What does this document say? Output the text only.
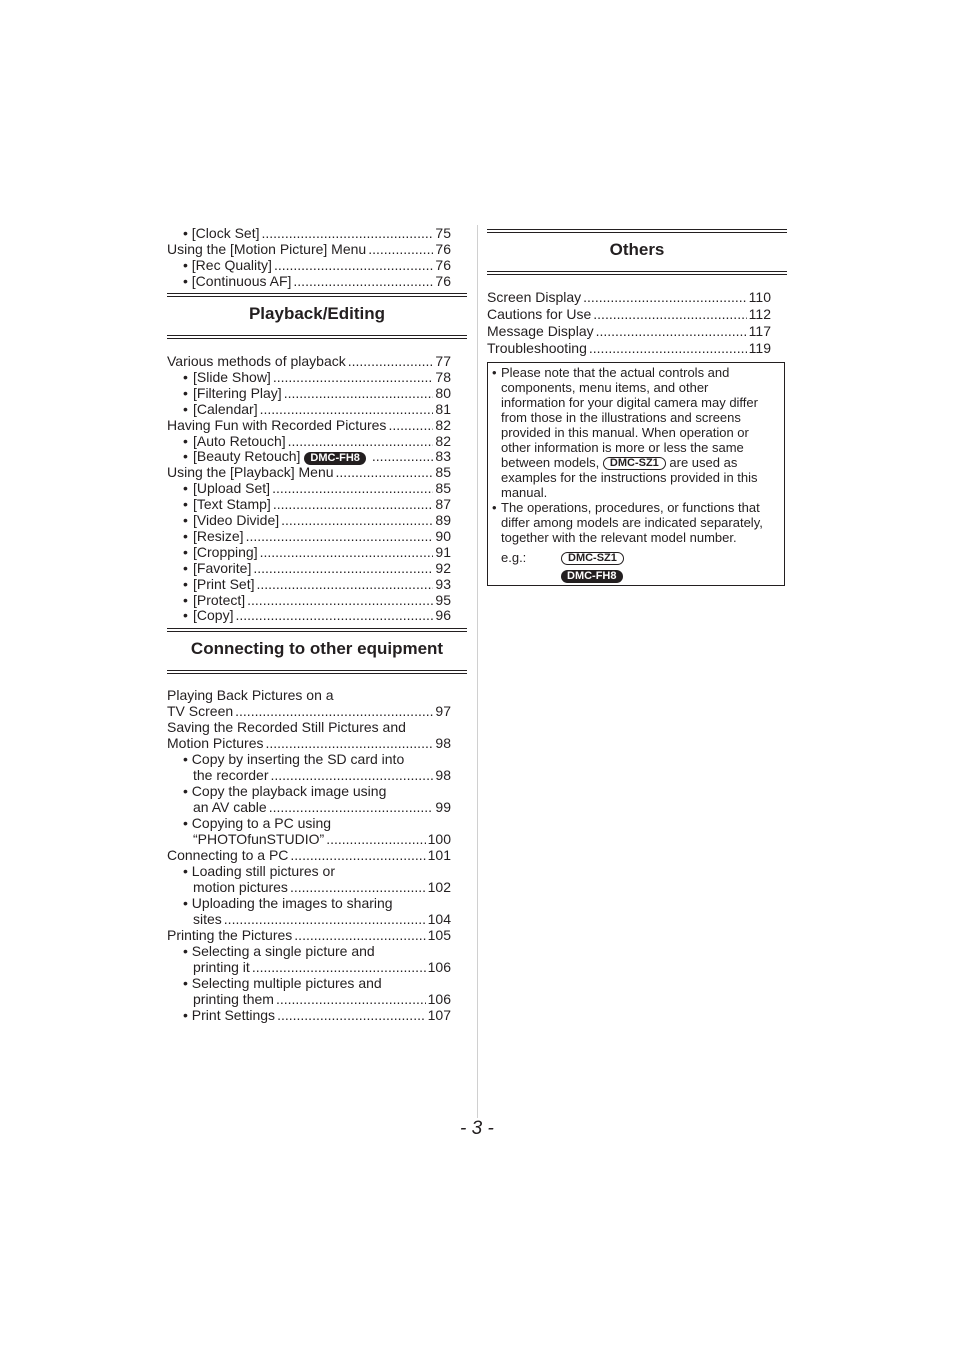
• [Clock Set] .....	75
Using the [Motion Picture] Menu .....	76
• [Rec Quality] .....	76
• [Continuous AF] .....	76
Playback/Editing
Various methods of playback .....	77
• [Slide Show] .....	78
• [Filtering Play] .....	80
• [Calendar] .....	81
Having Fun with Recorded Pictures .....	82
• [Auto Retouch] .....	82
• [Beauty Retouch] DMC-FH8 .....	83
Using the [Playback] Menu .....	85
• [Upload Set] .....	85
• [Text Stamp] .....	87
• [Video Divide] .....	89
• [Resize] .....	90
• [Cropping] .....	91
• [Favorite] .....	92
• [Print Set] .....	93
• [Protect] .....	95
• [Copy] .....	96
Connecting to other equipment
Playing Back Pictures on a
TV Screen .....	97
Saving the Recorded Still Pictures and
Motion Pictures .....	98
• Copy by inserting the SD card into
the recorder .....	98
• Copy the playback image using
an AV cable .....	99
• Copying to a PC using
“PHOTOfunSTUDIO” .....	100
Connecting to a PC .....	101
• Loading still pictures or
motion pictures .....	102
• Uploading the images to sharing
sites .....	104
Printing the Pictures .....	105
• Selecting a single picture and
printing it .....	106
• Selecting multiple pictures and
printing them .....	106
• Print Settings .....	107
Others
Screen Display .....	110
Cautions for Use .....	112
Message Display .....	117
Troubleshooting .....	119
• Please note that the actual controls and
components, menu items, and other
information for your digital camera may differ
from those in the illustrations and screens
provided in this manual. When operation or
other information is more or less the same
between models, DMC-SZ1 are used as
examples for the instructions provided in this
manual.
• The operations, procedures, or functions that
differ among models are indicated separately,
together with the relevant model number.
e.g.:	DMC-SZ1
DMC-FH8
- 3 -
